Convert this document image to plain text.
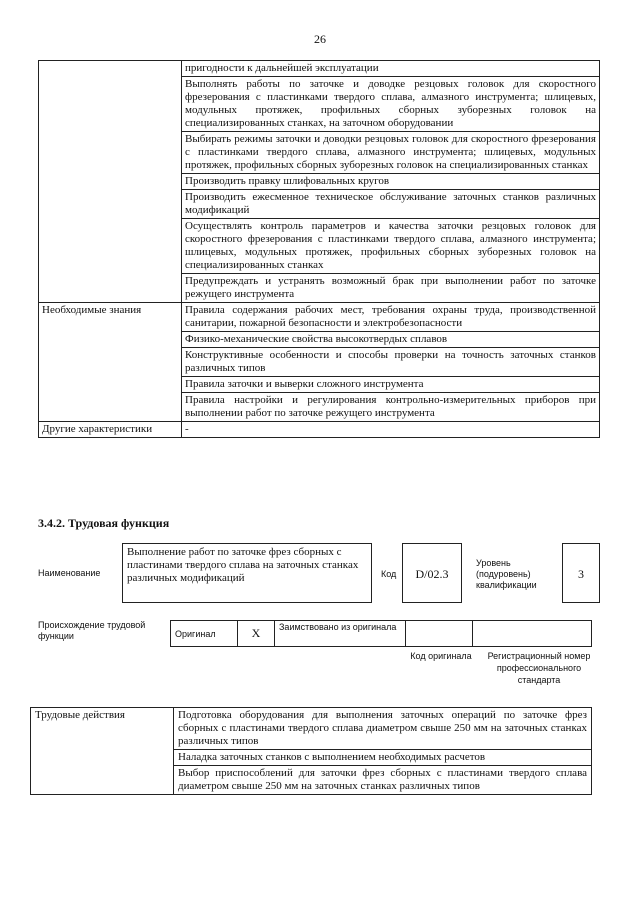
26
	пригодности к дальнейшей эксплуатации
	Выполнять работы по заточке и доводке резцовых головок для скоростного фрезерования с пластинками твердого сплава, алмазного инструмента; шлицевых, модульных протяжек, профильных сборных зуборезных головок на специализированных станках, на заточном оборудовании
	Выбирать режимы заточки и доводки резцовых головок для скоростного фрезерования с пластинками твердого сплава, алмазного инструмента; шлицевых, модульных протяжек, профильных сборных зуборезных головок на специализированных станках
	Производить правку шлифовальных кругов
	Производить ежесменное техническое обслуживание заточных станков различных модификаций
	Осуществлять контроль параметров и качества заточки резцовых головок для скоростного фрезерования с пластинками твердого сплава, алмазного инструмента; шлицевых, модульных протяжек, профильных сборных зуборезных головок на специализированных станках
	Предупреждать и устранять возможный брак при выполнении работ по заточке режущего инструмента
Необходимые знания	Правила содержания рабочих мест, требования охраны труда, производственной санитарии, пожарной безопасности и электробезопасности
	Физико-механические свойства высокотвердых сплавов
	Конструктивные особенности и способы проверки на точность заточных станков различных типов
	Правила заточки и выверки сложного инструмента
	Правила настройки и регулирования контрольно-измерительных приборов при выполнении работ по заточке режущего инструмента
Другие характеристики	-
3.4.2. Трудовая функция
Наименование
Выполнение работ по заточке фрез сборных с пластинами твердого сплава на заточных станках различных модификаций	Код	D/02.3
Уровень (подуровень) квалификации
3
Происхождение трудовой функции	Оригинал	X	Заимствовано из оригинала		
Код оригинала	Регистрационный номер профессионального стандарта
Трудовые действия	Подготовка оборудования для выполнения заточных операций по заточке фрез сборных с пластинами твердого сплава диаметром свыше 250 мм на заточных станках различных типов
Наладка заточных станков с выполнением необходимых расчетов
Выбор приспособлений для заточки фрез сборных с пластинами твердого сплава диаметром свыше 250 мм на заточных станках различных типов
